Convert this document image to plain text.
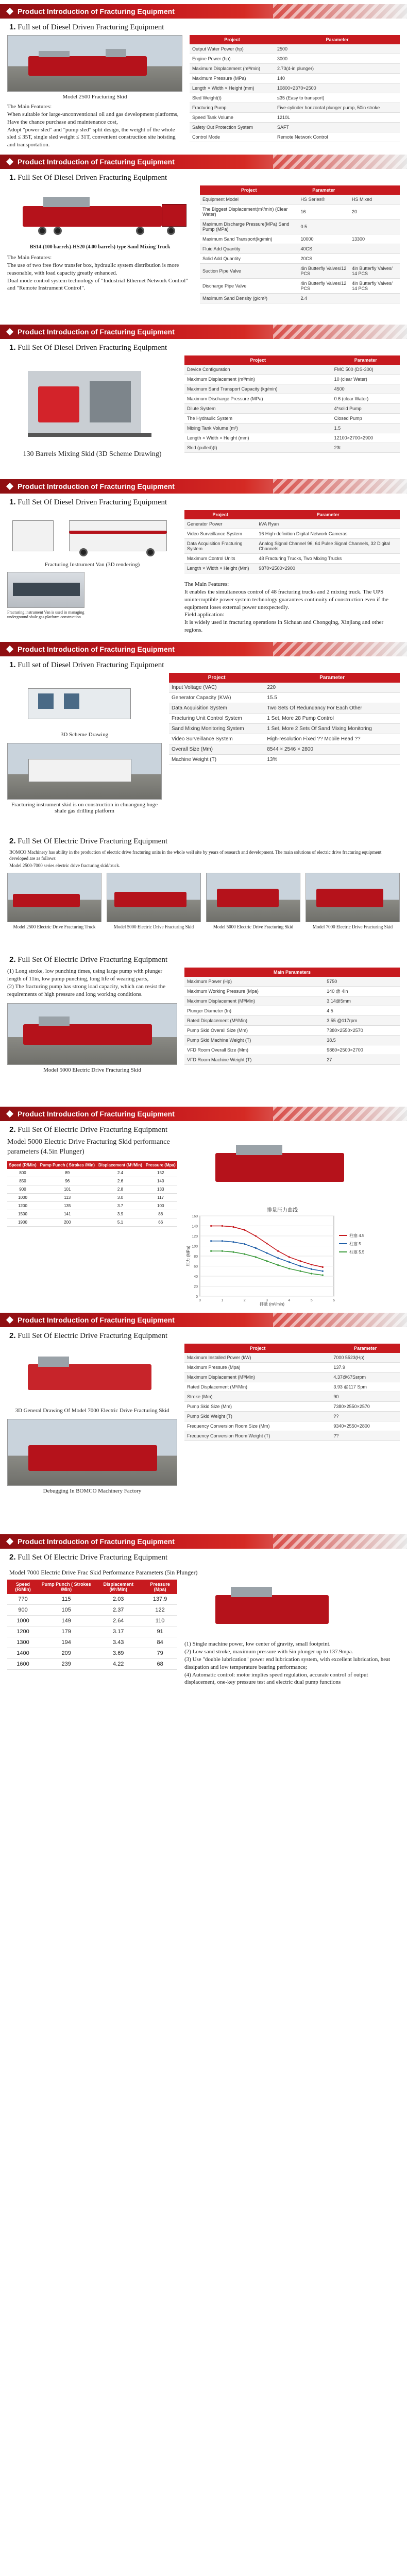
Product Introduction of Fracturing Equipment
1. Full set of Diesel Driven Fracturing Equipment
Model 2500 Fracturing Skid
The Main Features:
When suitable for large-unconventional oil and gas development platforms, Have the chance purchase and maintenance cost,
Adopt "power sled" and "pump sled" split design, the weight of the whole sled ≤ 35T, single sled weight ≤ 31T, convenient construction site hoisting and transportation.
Project	Parameter
Output Water Power (hp)	2500
Engine Power (hp)	3000
Maximum Displacement (m³/min)	2.73(4-in plunger)
Maximum Pressure (MPa)	140
Length × Width × Height (mm)	10800×2370×2500
Sled Weight(t)	≤35 (Easy to transport)
Fracturing Pump	Five-cylinder horizontal plunger pump, 50in stroke
Speed Tank Volume	1210L
Safety Out Protection System	SAFT
Control Mode	Remote Network Control
Product Introduction of Fracturing Equipment
1. Full Set Of Diesel Driven Fracturing Equipment
BS14-(100 barrels)-HS20 (4.00 barrels) type Sand Mixing Truck
The Main Features:
The use of two free flow transfer box, hydraulic system distribution is more reasonable, with load capacity greatly enhanced.
Dual mode control system technology of "Industrial Ethernet Network Control" and "Remote Instrument Control".
Project	Parameter	
Equipment Model	HS Series®	HS Mixed
The Biggest Displacement(m³/min) (Clear Water)	16	20
Maximum Discharge Pressure(MPa) Sand Pump (MPa)	0.5	
Maximum Sand Transport(kg/min)	10000	13300
Fluid Add Quantity	40CS	
Solid Add Quantity	20CS	
Suction Pipe Valve	4in Butterfly Valves/12 PCS	4in Butterfly Valves/ 14 PCS
Discharge Pipe Valve	4in Butterfly Valves/12 PCS	4in Butterfly Valves/ 14 PCS
Maximum Sand Density (g/cm³)	2.4	
Product Introduction of Fracturing Equipment
1. Full Set Of Diesel Driven Fracturing Equipment
130 Barrels Mixing Skid (3D Scheme Drawing)
Project	Parameter
Device Configuration	FMC 500 (DS-300)
Maximum Displacement (m³/min)	10 (clear Water)
Maximum Sand Transport Capacity (kg/min)	4500
Maximum Discharge Pressure (MPa)	0.6 (clear Water)
Dilute System	4*solid Pump
The Hydraulic System	Closed Pump
Mixing Tank Volume (m³)	1.5
Length × Width × Height (mm)	12100×2700×2900
Skid (pulled)(t)	23t
Product Introduction of Fracturing Equipment
1. Full Set Of Diesel Driven Fracturing Equipment
Fracturing Instrument Van (3D rendering)
Fracturing instrument Van is used in managing underground shale gas platform construction
Project	Parameter
Generator Power	kVA Ryan
Video Surveillance System	16 High-definition Digital Network Cameras
Data Acquisition Fracturing System	Analog Signal Channel 96, 64 Pulse Signal Channels, 32 Digital Channels
Maximum Control Units	48 Fracturing Trucks, Two Mixing Trucks
Length × Width × Height (Mm)	9870×2500×2900
The Main Features:
It enables the simultaneous control of 48 fracturing trucks and 2 mixing truck. The UPS uninterruptible power system technology guarantees continuity of construction even if the equipment loses external power unexpectedly.
Field application:
It is widely used in fracturing operations in Sichuan and Chongqing, Xinjiang and other regions.
Product Introduction of Fracturing Equipment
1. Full set of Diesel Driven Fracturing Equipment
3D Scheme Drawing
Fracturing instrument skid is on construction in chuangung huge shale gas drilling platform
Project	Parameter
Input Voltage (VAC)	220
Generator Capacity (KVA)	15.5
Data Acquisition System	Two Sets Of Redundancy For Each Other
Fracturing Unit Control System	1 Set, More 28 Pump Control
Sand Mixing Monitoring System	1 Set, More 2 Sets Of Sand Mixing Monitoring
Video Surveillance System	High-resolution Fixed ?? Mobile Head ??
Overall Size (Mm)	8544 × 2546 × 2800
Machine Weight (T)	13%
2. Full Set Of Electric Drive Fracturing Equipment
BOMCO Machinery has ability in the production of electric drive fracturing units in the whole well site by years of research and development. The main solutions of electric drive fracturing equipment developed are as follows:
Model 2500-7000 series electric drive fracturing skid/truck.
Model 2500 Electric Drive Fracturing Truck	Model 5000 Electric Drive Fracturing Skid	Model 5000 Electric Drive Fracturing Skid	Model 7000 Electric Drive Fracturing Skid
2. Full Set Of Electric Drive Fracturing Equipment
(1) Long stroke, low punching times, using large pump with plunger length of 11in, low pump punching, long life of wearing parts,
(2) The fracturing pump has strong load capacity, which can resist the requirements of high pressure and long working conditions.
Model 5000 Electric Drive Fracturing Skid
Main Parameters	
Maximum Power (Hp)	5750
Maximum Working Pressure (Mpa)	140 @ 4in
Maximum Displacement (M³/Min)	3.14@5mm
Plunger Diameter (In)	4.5
Rated Displacement (M³/Min)	3.55 @117rpm
Pump Skid Overall Size (Mm)	7380×2550×2570
Pump Skid Machine Weight (T)	38.5
VFD Room Overall Size (Mm)	9860×2500×2700
VFD Room Machine Weight (T)	27
Product Introduction of Fracturing Equipment
2. Full Set Of Electric Drive Fracturing Equipment
Model 5000 Electric Drive Fracturing Skid performance parameters (4.5in Plunger)
Speed (R/Min)	Pump Punch ( Strokes /Min)	Displacement (M³/Min)	Pressure (Mpa)
800	89	2.4	152
850	96	2.6	140
900	101	2.8	133
1000	113	3.0	117
1200	135	3.7	100
1500	141	3.9	88
1900	200	5.1	66
排量压力曲线
排量 (m³/min)
压力 (MPa)
0
20
40
60
80
100
120
140
160
0	1	2	3	4	5	6
柱塞 4.5
柱塞 5
柱塞 5.5
Product Introduction of Fracturing Equipment
2. Full Set Of Electric Drive Fracturing Equipment
3D General Drawing Of Model 7000 Electric Drive Fracturing Skid
Debugging In BOMCO Machinery Factory
Project	Parameter
Maximum Installed Power (kW)	7000 5523(Hp)
Maximum Pressure (Mpa)	137.9
Maximum Displacement (M³/Min)	4.37@67Ssrpm
Rated Displacement (M³/Min)	3.93 @117 Spm
Stroke (Mm)	90
Pump Skid Size (Mm)	7380×2550×2570
Pump Skid Weight (T)	??
Frequency Conversion Room Size (Mm)	9340×2550×2800
Frequency Conversion Room Weight (T)	??
Product Introduction of Fracturing Equipment
2. Full Set Of Electric Drive Fracturing Equipment
Model 7000 Electric Drive Frac Skid Performance Parameters (5in Plunger)
Speed (R/Min)	Pump Punch ( Strokes /Min)	Displacement (M³/Min)	Pressure (Mpa)
770	115	2.03	137.9
900	105	2.37	122
1000	149	2.64	110
1200	179	3.17	91
1300	194	3.43	84
1400	209	3.69	79
1600	239	4.22	68
(1) Single machine power, low center of gravity, small footprint.
(2) Low sand stroke, maximum pressure with 5in plunger up to 137.9mpa.
(3) Use "double lubrication" power end lubrication system, with excellent lubrication, heat dissipation and low temperature bearing performance;
(4) Automatic control: motor implies speed regulation, accurate control of output displacement, one-key pressure test and electric dual pump functions
